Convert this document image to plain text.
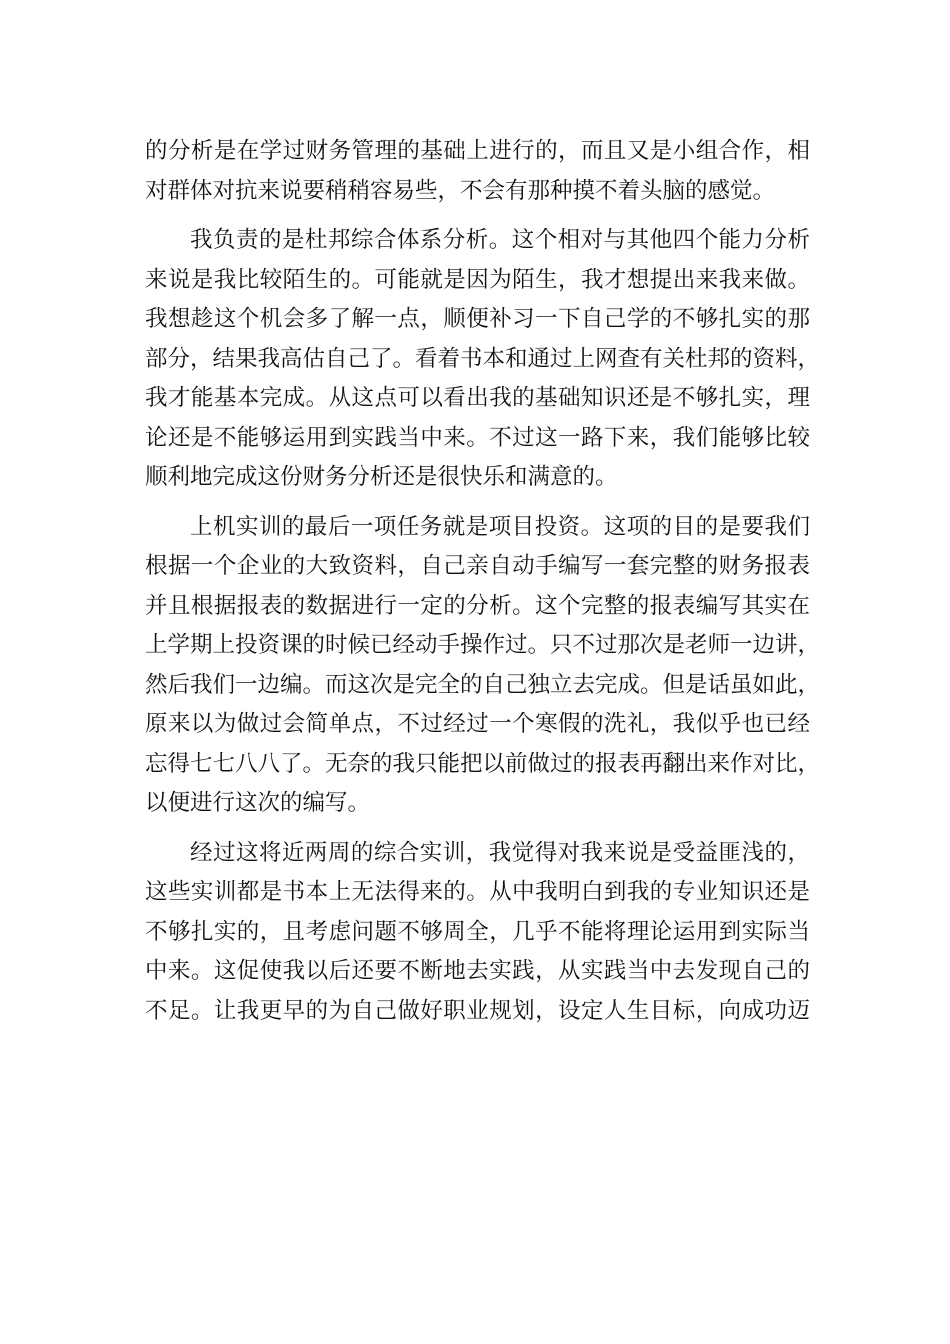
的分析是在学过财务管理的基础上进行的，而且又是小组合作，相
对群体对抗来说要稍稍容易些，不会有那种摸不着头脑的感觉。
我负责的是杜邦综合体系分析。这个相对与其他四个能力分析
来说是我比较陌生的。可能就是因为陌生，我才想提出来我来做。
我想趁这个机会多了解一点，顺便补习一下自己学的不够扎实的那
部分，结果我高估自己了。看着书本和通过上网查有关杜邦的资料，
我才能基本完成。从这点可以看出我的基础知识还是不够扎实，理
论还是不能够运用到实践当中来。不过这一路下来，我们能够比较
顺利地完成这份财务分析还是很快乐和满意的。
上机实训的最后一项任务就是项目投资。这项的目的是要我们
根据一个企业的大致资料，自己亲自动手编写一套完整的财务报表
并且根据报表的数据进行一定的分析。这个完整的报表编写其实在
上学期上投资课的时候已经动手操作过。只不过那次是老师一边讲，
然后我们一边编。而这次是完全的自己独立去完成。但是话虽如此，
原来以为做过会简单点，不过经过一个寒假的洗礼，我似乎也已经
忘得七七八八了。无奈的我只能把以前做过的报表再翻出来作对比，
以便进行这次的编写。
经过这将近两周的综合实训，我觉得对我来说是受益匪浅的，
这些实训都是书本上无法得来的。从中我明白到我的专业知识还是
不够扎实的，且考虑问题不够周全，几乎不能将理论运用到实际当
中来。这促使我以后还要不断地去实践，从实践当中去发现自己的
不足。让我更早的为自己做好职业规划，设定人生目标，向成功迈
